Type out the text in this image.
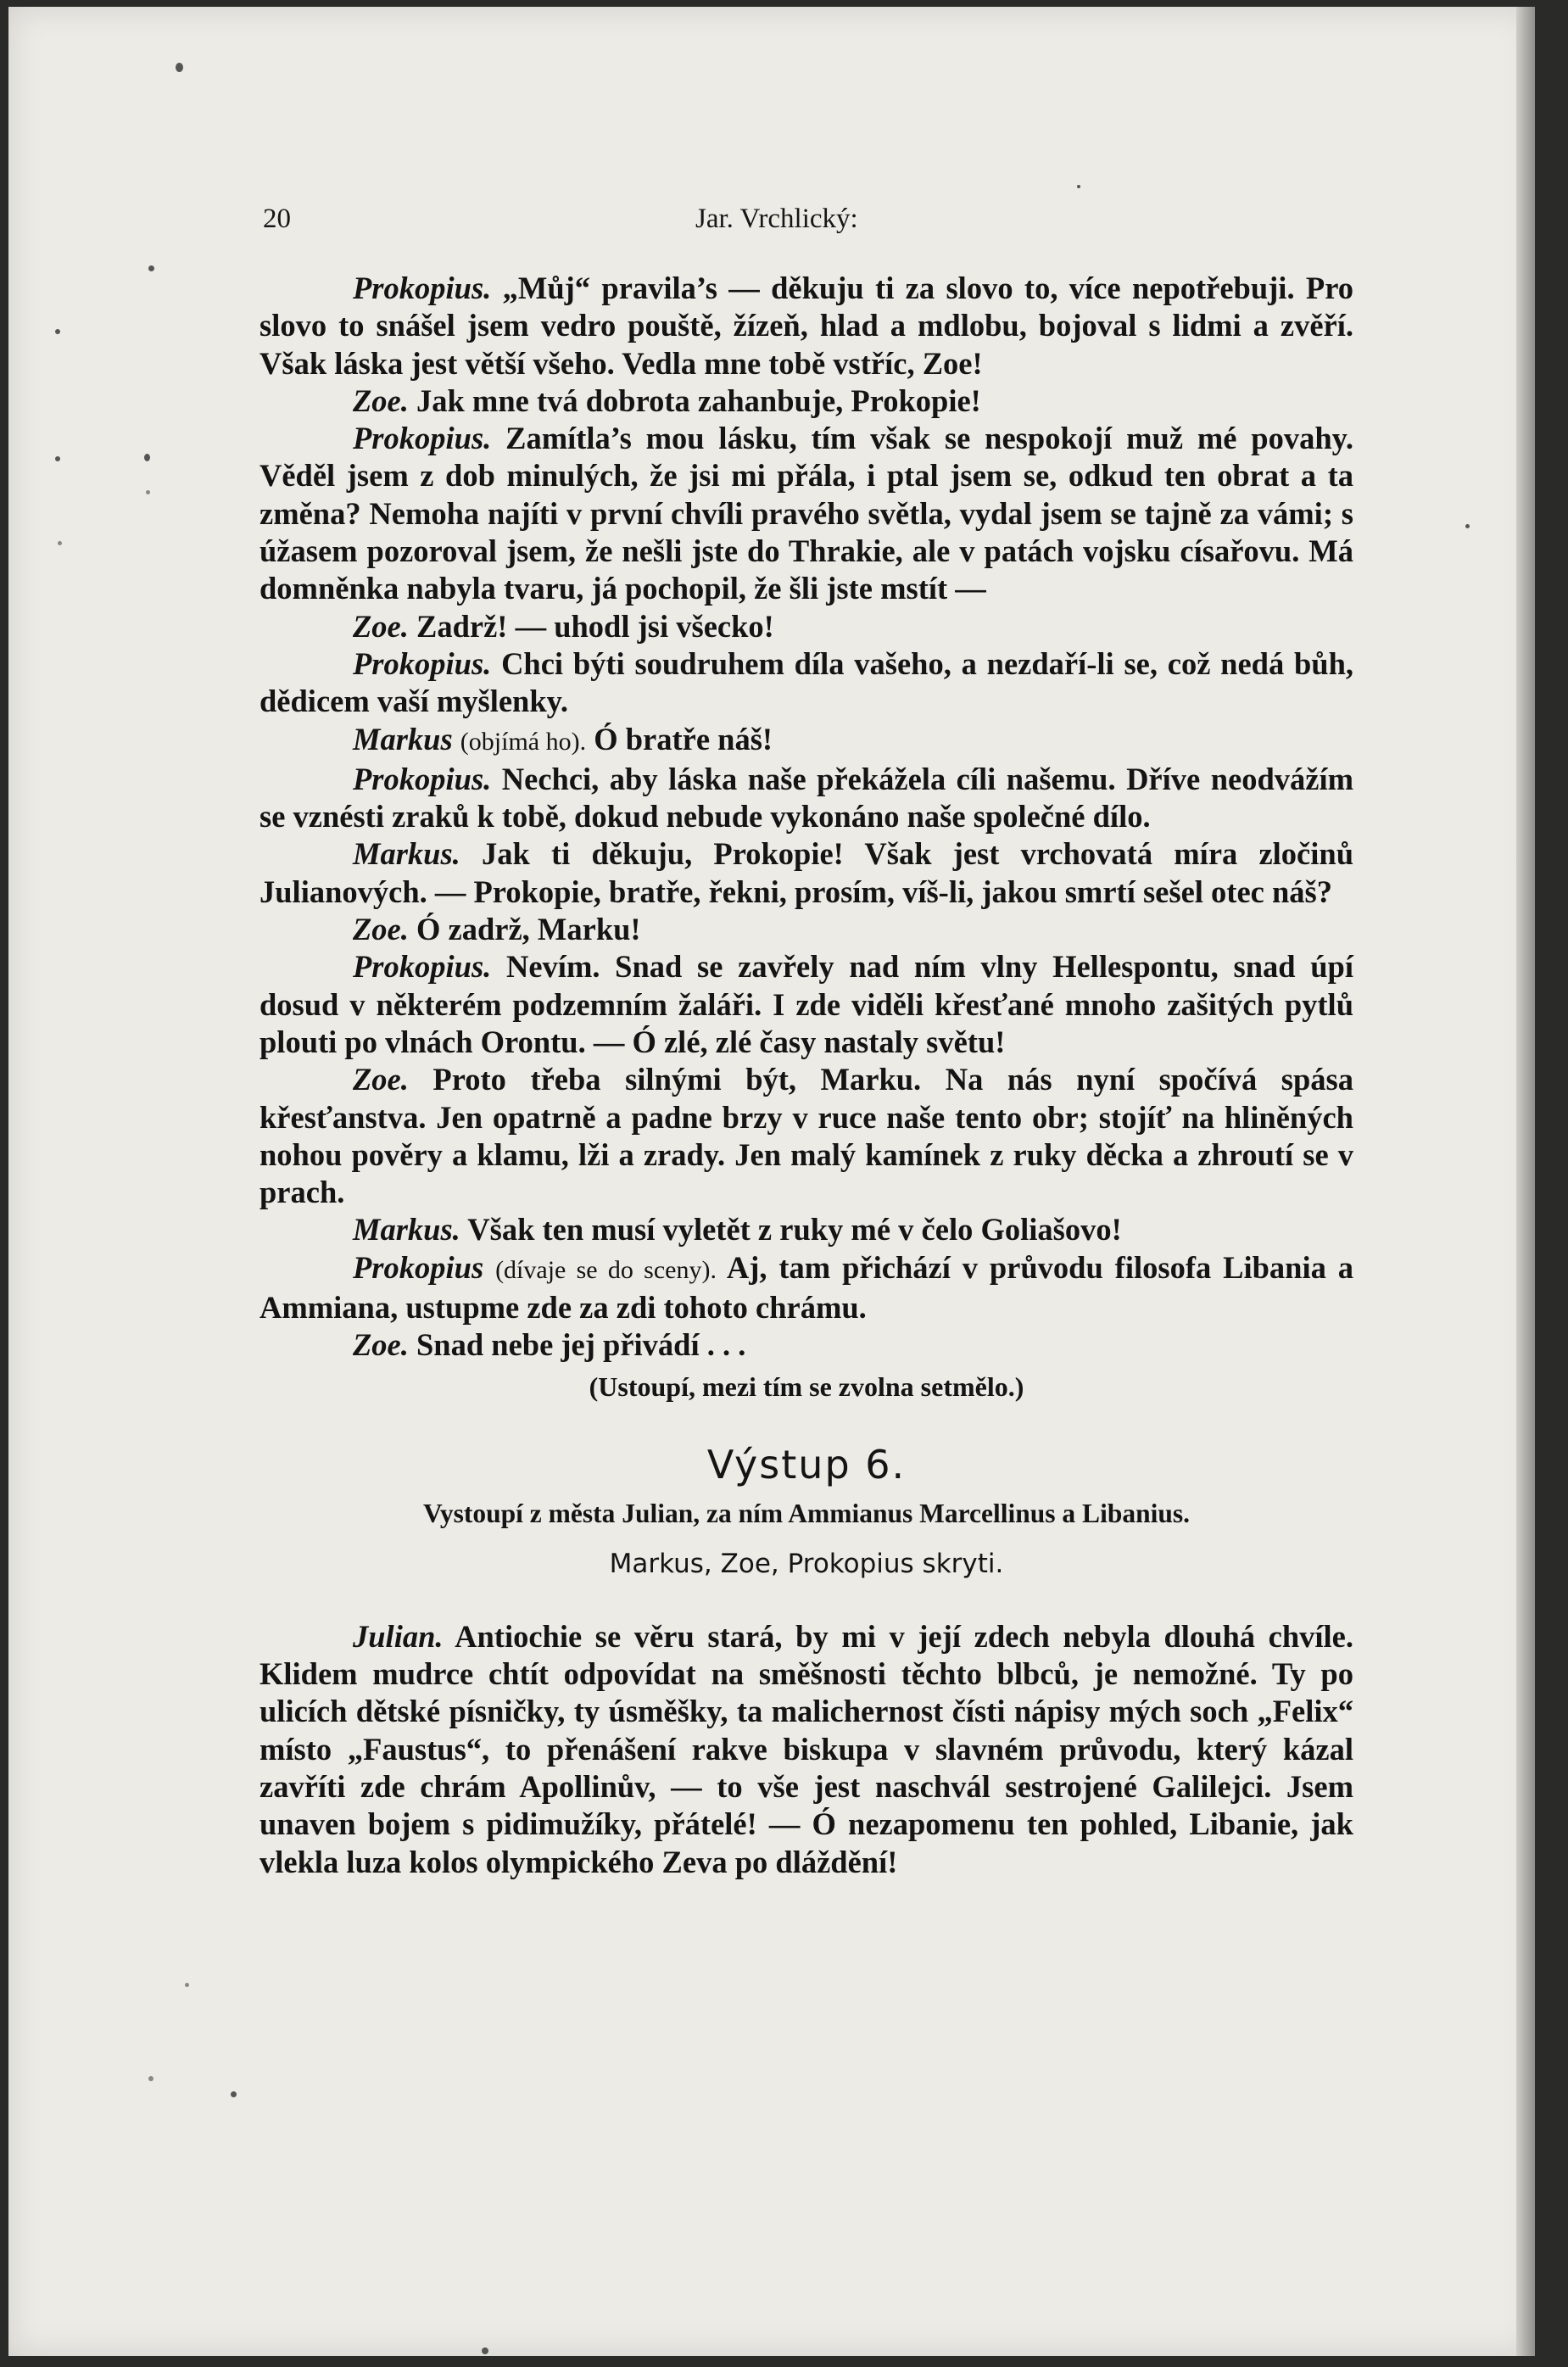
20	Jar. Vrchlický:

Prokopius. „Můj“ pravila’s — děkuju ti za slovo to, více nepotřebuji. Pro slovo to snášel jsem vedro pouště, žízeň, hlad a mdlobu, bojoval s lidmi a zvěří. Však láska jest větší všeho. Vedla mne tobě vstříc, Zoe!

Zoe. Jak mne tvá dobrota zahanbuje, Prokopie!

Prokopius. Zamítla’s mou lásku, tím však se nespokojí muž mé povahy. Věděl jsem z dob minulých, že jsi mi přála, i ptal jsem se, odkud ten obrat a ta změna? Nemoha najíti v první chvíli pravého světla, vydal jsem se tajně za vámi; s úžasem pozoroval jsem, že nešli jste do Thrakie, ale v patách vojsku císařovu. Má domněnka nabyla tvaru, já pochopil, že šli jste mstít —

Zoe. Zadrž! — uhodl jsi všecko!

Prokopius. Chci býti soudruhem díla vašeho, a nezdaří-li se, což nedá bůh, dědicem vaší myšlenky.

Markus (objímá ho). Ó bratře náš!

Prokopius. Nechci, aby láska naše překážela cíli našemu. Dříve neodvážím se vznésti zraků k tobě, dokud nebude vykonáno naše společné dílo.

Markus. Jak ti děkuju, Prokopie! Však jest vrchovatá míra zločinů Julianových. — Prokopie, bratře, řekni, prosím, víš-li, jakou smrtí sešel otec náš?

Zoe. Ó zadrž, Marku!

Prokopius. Nevím. Snad se zavřely nad ním vlny Hellespontu, snad úpí dosud v některém podzemním žaláři. I zde viděli křesťané mnoho zašitých pytlů plouti po vlnách Orontu. — Ó zlé, zlé časy nastaly světu!

Zoe. Proto třeba silnými být, Marku. Na nás nyní spočívá spása křesťanstva. Jen opatrně a padne brzy v ruce naše tento obr; stojíť na hliněných nohou pověry a klamu, lži a zrady. Jen malý kamínek z ruky děcka a zhroutí se v prach.

Markus. Však ten musí vyletět z ruky mé v čelo Goliašovo!

Prokopius (dívaje se do sceny). Aj, tam přichází v průvodu filosofa Libania a Ammiana, ustupme zde za zdi tohoto chrámu.

Zoe. Snad nebe jej přivádí . . .

(Ustoupí, mezi tím se zvolna setmělo.)

Výstup 6.

Vystoupí z města Julian, za ním Ammianus Marcellinus a Libanius.

Markus, Zoe, Prokopius skryti.

Julian. Antiochie se věru stará, by mi v její zdech nebyla dlouhá chvíle. Klidem mudrce chtít odpovídat na směšnosti těchto blbců, je nemožné. Ty po ulicích dětské písničky, ty úsměšky, ta malichernost čísti nápisy mých soch „Felix“ místo „Faustus“, to přenášení rakve biskupa v slavném průvodu, který kázal zavříti zde chrám Apollinův, — to vše jest naschvál sestrojené Galilejci. Jsem unaven bojem s pidimužíky, přátelé! — Ó nezapomenu ten pohled, Libanie, jak vlekla luza kolos olympického Zeva po dláždění!
